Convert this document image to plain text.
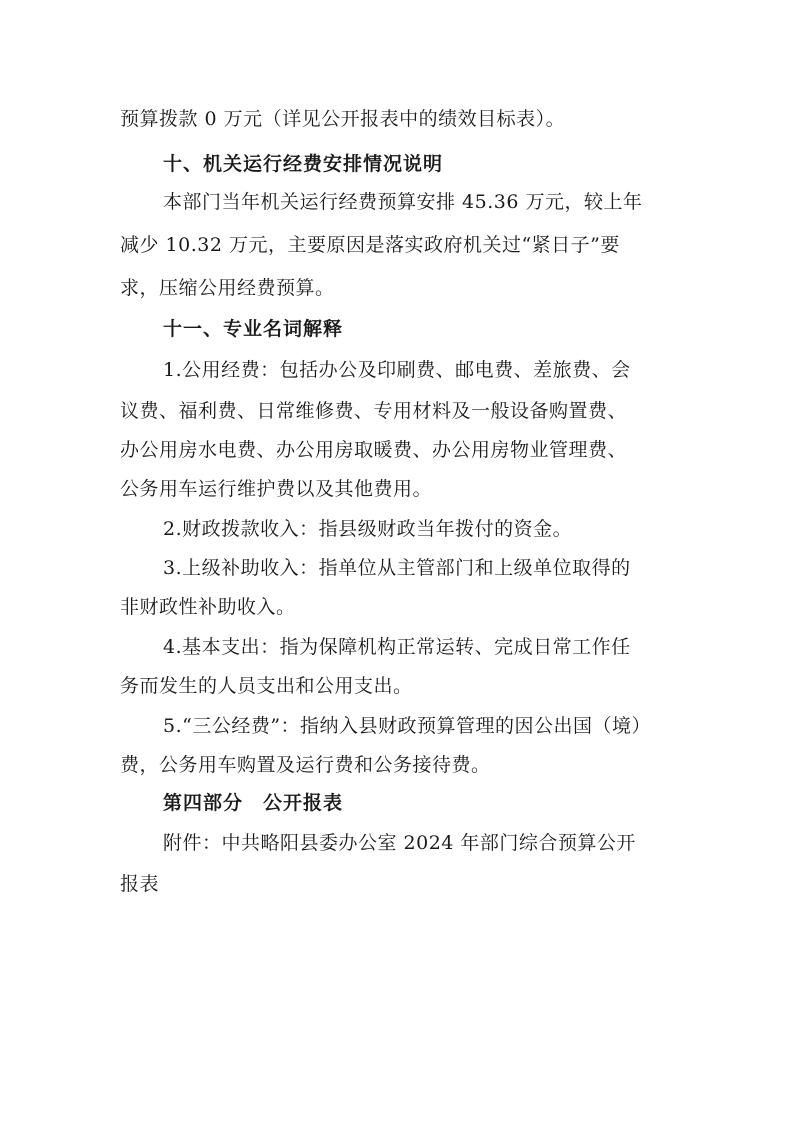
预算拨款 0 万元（详见公开报表中的绩效目标表）。
十、机关运行经费安排情况说明
本部门当年机关运行经费预算安排 45.36 万元，较上年
减少 10.32 万元，主要原因是落实政府机关过“紧日子”要
求，压缩公用经费预算。
十一、专业名词解释
1.公用经费：包括办公及印刷费、邮电费、差旅费、会
议费、福利费、日常维修费、专用材料及一般设备购置费、
办公用房水电费、办公用房取暖费、办公用房物业管理费、
公务用车运行维护费以及其他费用。
2.财政拨款收入：指县级财政当年拨付的资金。
3.上级补助收入：指单位从主管部门和上级单位取得的
非财政性补助收入。
4.基本支出：指为保障机构正常运转、完成日常工作任
务而发生的人员支出和公用支出。
5.“三公经费”：指纳入县财政预算管理的因公出国（境）
费，公务用车购置及运行费和公务接待费。
第四部分　公开报表
附件：中共略阳县委办公室 2024 年部门综合预算公开
报表
